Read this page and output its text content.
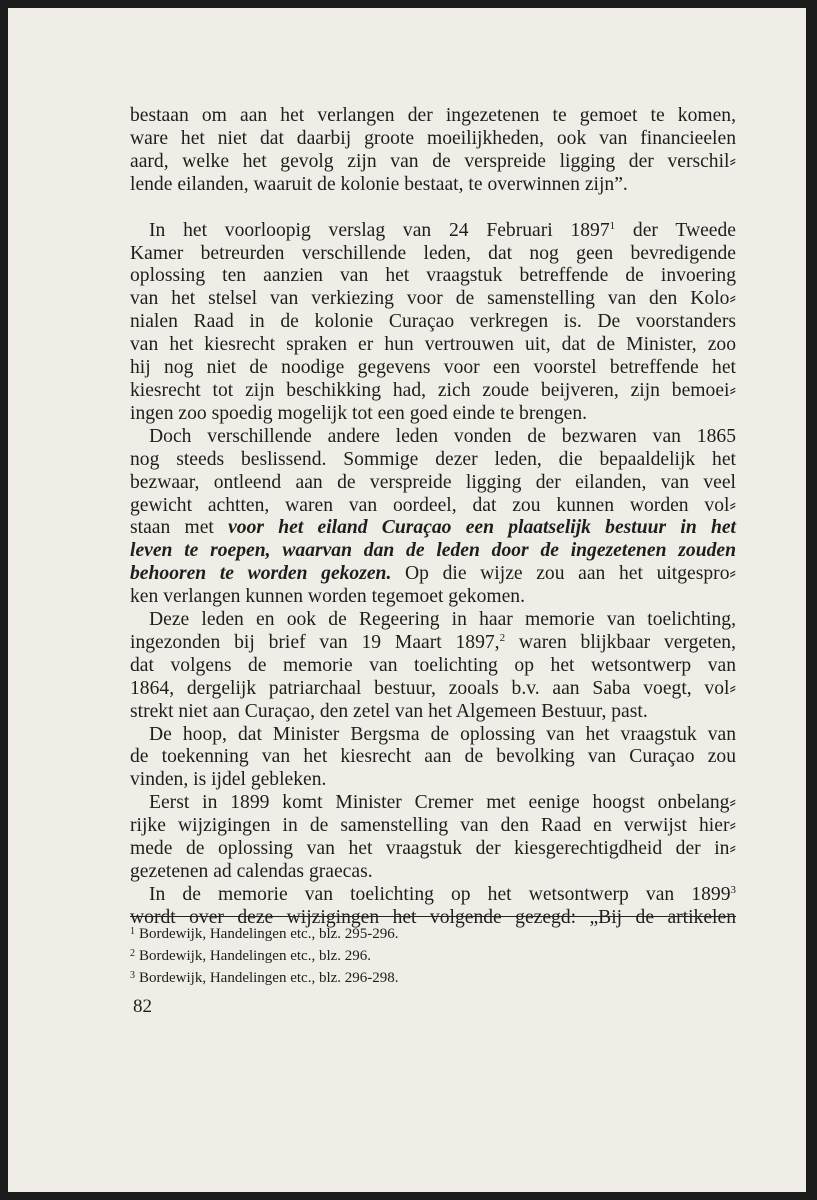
bestaan om aan het verlangen der ingezetenen te gemoet te komen,
ware het niet dat daarbij groote moeilijkheden, ook van financieelen
aard, welke het gevolg zijn van de verspreide ligging der verschil⸗
lende eilanden, waaruit de kolonie bestaat, te overwinnen zijn”.
In het voorloopig verslag van 24 Februari 1897$^1$ der Tweede
Kamer betreurden verschillende leden, dat nog geen bevredigende
oplossing ten aanzien van het vraagstuk betreffende de invoering
van het stelsel van verkiezing voor de samenstelling van den Kolo⸗
nialen Raad in de kolonie Curaçao verkregen is. De voorstanders
van het kiesrecht spraken er hun vertrouwen uit, dat de Minister, zoo
hij nog niet de noodige gegevens voor een voorstel betreffende het
kiesrecht tot zijn beschikking had, zich zoude beijveren, zijn bemoei⸗
ingen zoo spoedig mogelijk tot een goed einde te brengen.
Doch verschillende andere leden vonden de bezwaren van 1865
nog steeds beslissend. Sommige dezer leden, die bepaaldelijk het
bezwaar, ontleend aan de verspreide ligging der eilanden, van veel
gewicht achtten, waren van oordeel, dat zou kunnen worden vol⸗
staan met voor het eiland Curaçao een plaatselijk bestuur in het
leven te roepen, waarvan dan de leden door de ingezetenen zouden
behooren te worden gekozen. Op die wijze zou aan het uitgespro⸗
ken verlangen kunnen worden tegemoet gekomen.
Deze leden en ook de Regeering in haar memorie van toelichting,
ingezonden bij brief van 19 Maart 1897,$^2$ waren blijkbaar vergeten,
dat volgens de memorie van toelichting op het wetsontwerp van
1864, dergelijk patriarchaal bestuur, zooals b.v. aan Saba voegt, vol⸗
strekt niet aan Curaçao, den zetel van het Algemeen Bestuur, past.
De hoop, dat Minister Bergsma de oplossing van het vraagstuk van
de toekenning van het kiesrecht aan de bevolking van Curaçao zou
vinden, is ijdel gebleken.
Eerst in 1899 komt Minister Cremer met eenige hoogst onbelang⸗
rijke wijzigingen in de samenstelling van den Raad en verwijst hier⸗
mede de oplossing van het vraagstuk der kiesgerechtigdheid der in⸗
gezetenen ad calendas graecas.
In de memorie van toelichting op het wetsontwerp van 1899$^3$
wordt over deze wijzigingen het volgende gezegd: „Bij de artikelen
$^1$ Bordewijk, Handelingen etc., blz. 295-296.
$^2$ Bordewijk, Handelingen etc., blz. 296.
$^3$ Bordewijk, Handelingen etc., blz. 296-298.
82
